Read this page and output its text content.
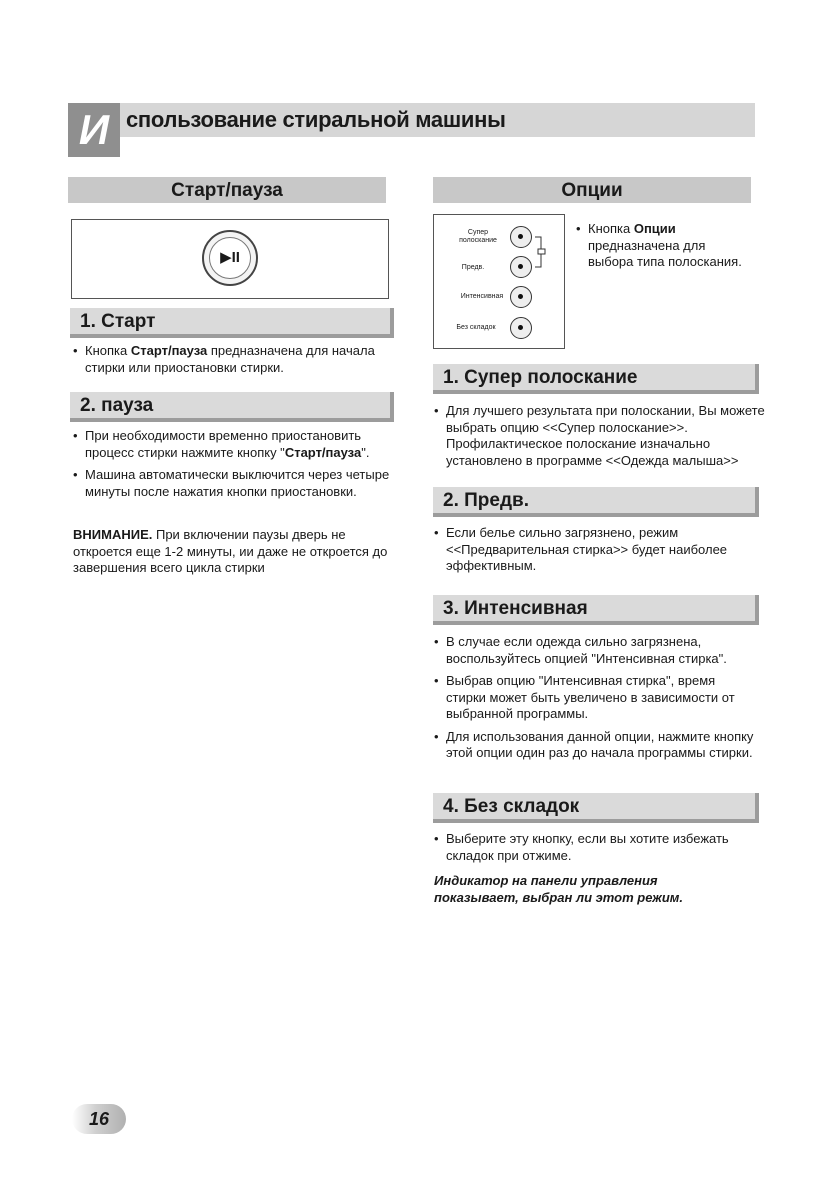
И спользование стиральной машины
Старт/пауза
▶II
1. Старт
• Кнопка Старт/пауза предназначена для начала стирки или приостановки стирки.
2. пауза
• При необходимости временно приостановить процесс стирки нажмите кнопку "Старт/пауза".
• Машина автоматически выключится через четыре минуты после нажатия кнопки приостановки.
ВНИМАНИЕ. При включении паузы дверь не откроется еще 1-2 минуты, ии даже не откроется до завершения всего цикла стирки
Опции
Супер полоскание
Предв.
Интенсивная
Без складок
• Кнопка Опции предназначена для выбора типа полоскания.
1. Супер полоскание
• Для лучшего результата при полоскании, Вы можете выбрать опцию <<Супер полоскание>>. Профилактическое полоскание изначально установлено в программе <<Одежда малыша>>
2. Предв.
• Если белье сильно загрязнено, режим <<Предварительная стирка>> будет наиболее эффективным.
3. Интенсивная
• В случае если одежда сильно загрязнена, воспользуйтесь опцией "Интенсивная стирка".
• Выбрав опцию "Интенсивная стирка", время стирки может быть увеличено в зависимости от выбранной программы.
• Для использования данной опции, нажмите кнопку этой опции один раз до начала программы стирки.
4. Без складок
• Выберите эту кнопку, если вы хотите избежать складок при отжиме.
Индикатор на панели управления показывает, выбран ли этот режим.
16
